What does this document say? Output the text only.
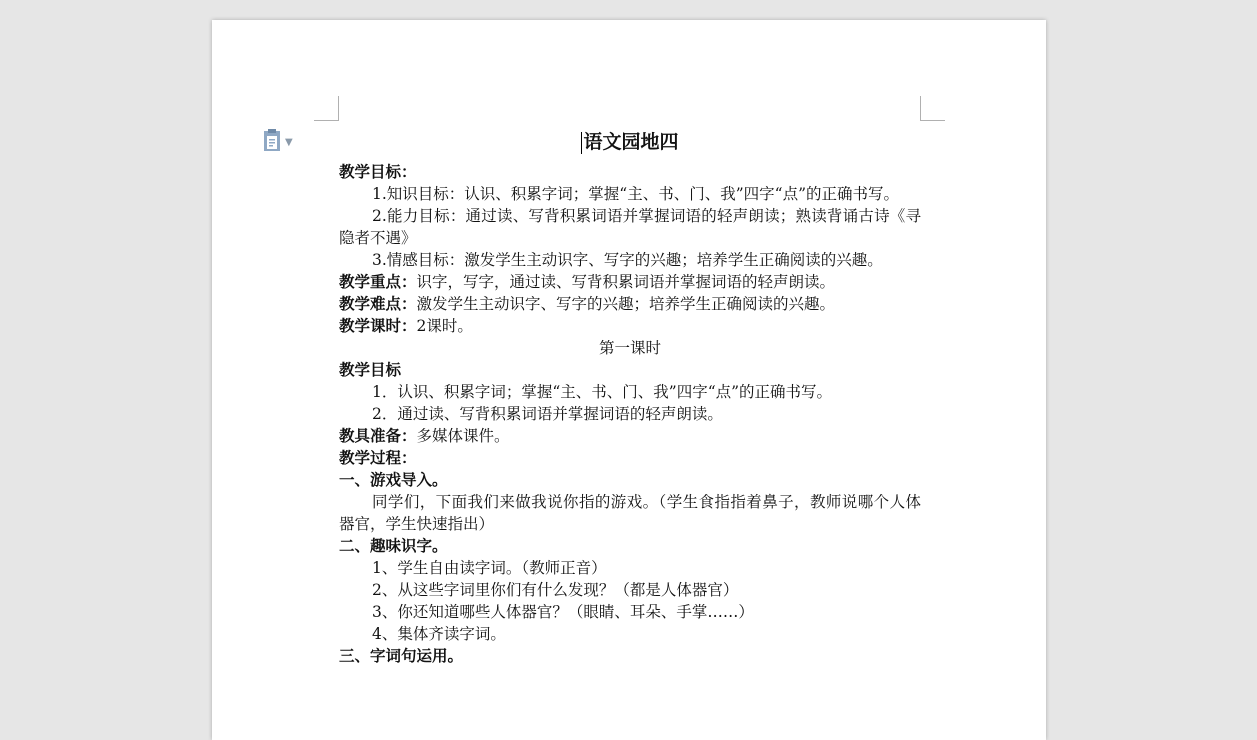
▼	语文园地四
教学目标：
1.知识目标：认识、积累字词；掌握“主、书、门、我”四字“点”的正确书写。
2.能力目标：通过读、写背积累词语并掌握词语的轻声朗读；熟读背诵古诗《寻隐者不遇》
3.情感目标：激发学生主动识字、写字的兴趣；培养学生正确阅读的兴趣。
教学重点：识字，写字，通过读、写背积累词语并掌握词语的轻声朗读。
教学难点：激发学生主动识字、写字的兴趣；培养学生正确阅读的兴趣。
教学课时：2课时。
第一课时
教学目标
1．认识、积累字词；掌握“主、书、门、我”四字“点”的正确书写。
2．通过读、写背积累词语并掌握词语的轻声朗读。
教具准备：多媒体课件。
教学过程：
一、游戏导入。
同学们，下面我们来做我说你指的游戏。（学生食指指着鼻子，教师说哪个人体器官，学生快速指出）
二、趣味识字。
1、学生自由读字词。（教师正音）
2、从这些字词里你们有什么发现？（都是人体器官）
3、你还知道哪些人体器官？（眼睛、耳朵、手掌……）
4、集体齐读字词。
三、字词句运用。
